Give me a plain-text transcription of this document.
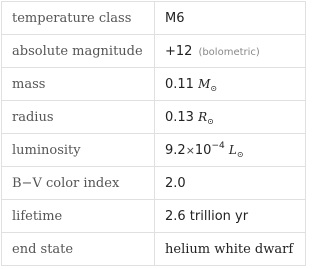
temperature class	M6
absolute magnitude	+12 (bolometric)
mass	0.11 $M_⊙$
radius	0.13 $R_⊙$
luminosity	$9.2\times 10^{-4}$ $L_⊙$
B−V color index	2.0
lifetime	2.6 trillion yr
end state	helium white dwarf
